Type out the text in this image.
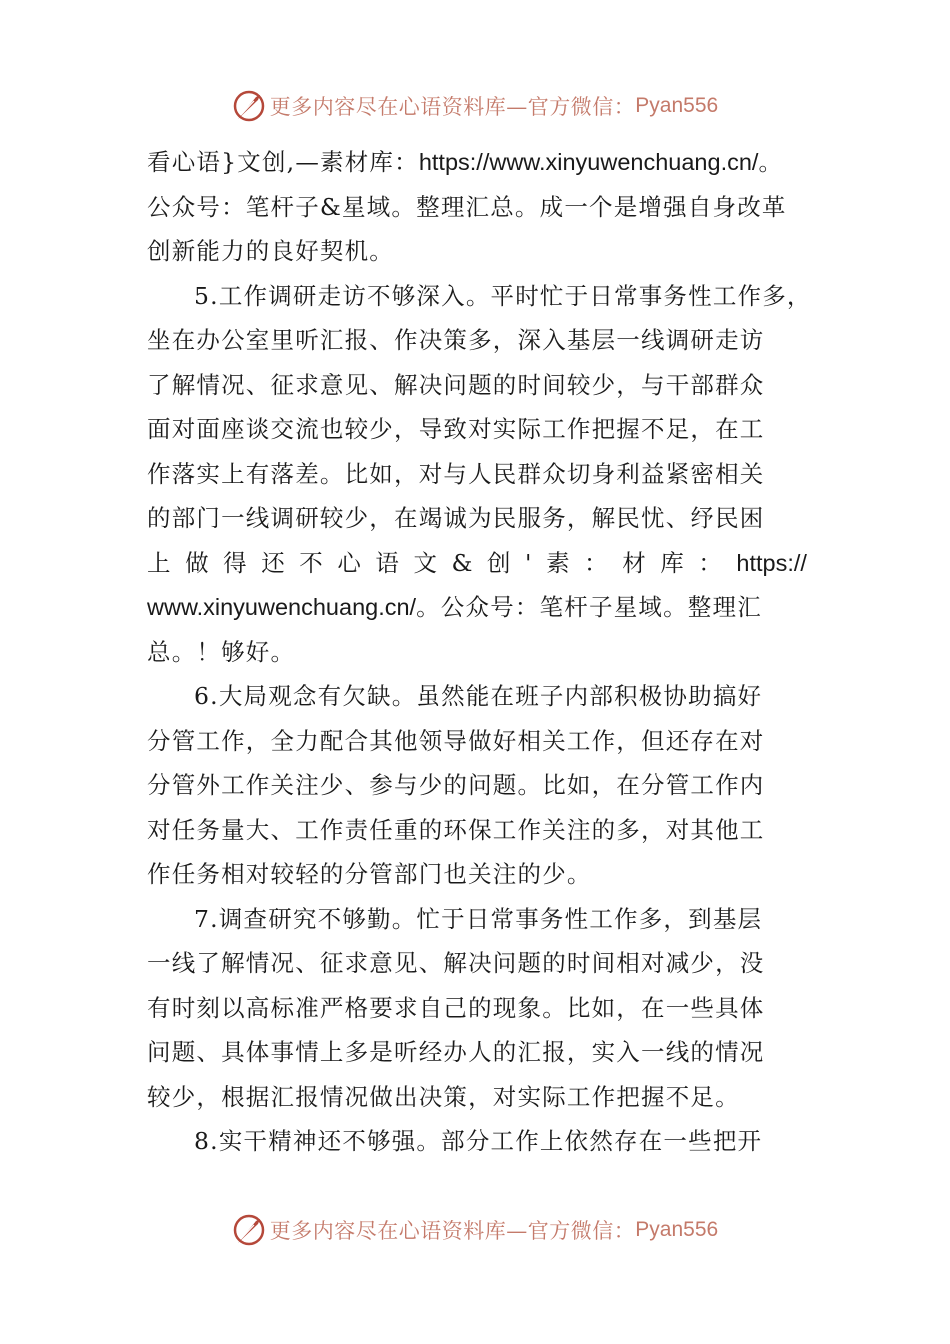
更多内容尽在心语资料库—官方微信： Pyan556
看心语}文创,—素材库：https://www.xinyuwenchuang.cn/。
公众号：笔杆子&星域。整理汇总。成一个是增强自身改革
创新能力的良好契机。
5.工作调研走访不够深入。平时忙于日常事务性工作多，
坐在办公室里听汇报、作决策多，深入基层一线调研走访
了解情况、征求意见、解决问题的时间较少，与干部群众
面对面座谈交流也较少，导致对实际工作把握不足，在工
作落实上有落差。比如，对与人民群众切身利益紧密相关
的部门一线调研较少，在竭诚为民服务，解民忧、纾民困
上 做 得 还 不 心 语 文 & 创 ' 素 ： 材 库 ： https://
www.xinyuwenchuang.cn/。公众号：笔杆子星域。整理汇
总。！够好。
6.大局观念有欠缺。虽然能在班子内部积极协助搞好
分管工作，全力配合其他领导做好相关工作，但还存在对
分管外工作关注少、参与少的问题。比如，在分管工作内
对任务量大、工作责任重的环保工作关注的多，对其他工
作任务相对较轻的分管部门也关注的少。
7.调查研究不够勤。忙于日常事务性工作多，到基层
一线了解情况、征求意见、解决问题的时间相对减少，没
有时刻以高标准严格要求自己的现象。比如，在一些具体
问题、具体事情上多是听经办人的汇报，实入一线的情况
较少，根据汇报情况做出决策，对实际工作把握不足。
8.实干精神还不够强。部分工作上依然存在一些把开
更多内容尽在心语资料库—官方微信： Pyan556
